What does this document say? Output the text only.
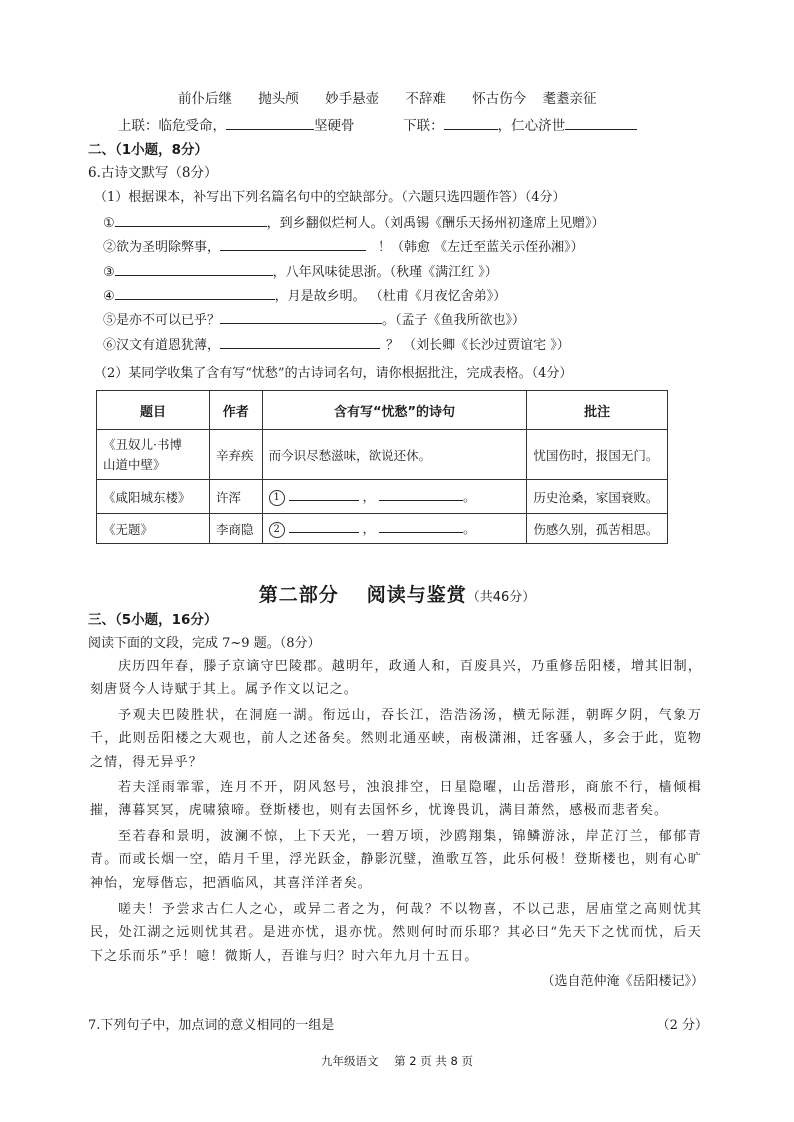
前仆后继 抛头颅 妙手悬壶 不辞难 怀古伤今 耄耋亲征
上联：临危受命，	坚硬骨	下联：	，仁心济世
二、（1小题，8分）
6.古诗文默写（8分）
（1）根据课本，补写出下列名篇名句中的空缺部分。（六题只选四题作答）（4分）
①	，到乡翻似烂柯人。（刘禹锡《酬乐天扬州初逢席上见赠》）
②欲为圣明除弊事，	！（韩愈 《左迁至蓝关示侄孙湘》）
③	，八年风味徒思浙。（秋瑾《满江红 》）
④	，月是故乡明。 （杜甫《月夜忆舍弟》）
⑤是亦不可以已乎？	。（孟子《鱼我所欲也》）
⑥汉文有道恩犹薄，	？ （刘长卿《长沙过贾谊宅 》）
（2）某同学收集了含有写“忧愁”的古诗词名句，请你根据批注，完成表格。（4分）
题目	作者	含有写“忧愁”的诗句	批注
《丑奴儿·书博
山道中壁》	辛弃疾	而今识尽愁滋味，欲说还休。	忧国伤时，报国无门。
《咸阳城东楼》	许浑	1 ， 。	历史沧桑，家国衰败。
《无题》	李商隐	2 ， 。	伤感久别，孤苦相思。
第二部分 阅读与鉴赏（共46分）
三、（5小题，16分）
阅读下面的文段，完成 7~9 题。（8分）
庆历四年春，滕子京谪守巴陵郡。越明年，政通人和，百废具兴，乃重修岳阳楼，增其旧制，刻唐贤今人诗赋于其上。属予作文以记之。
予观夫巴陵胜状，在洞庭一湖。衔远山，吞长江，浩浩汤汤，横无际涯，朝晖夕阴，气象万千，此则岳阳楼之大观也，前人之述备矣。然则北通巫峡，南极潇湘，迁客骚人，多会于此，览物之情，得无异乎？
若夫淫雨霏霏，连月不开，阴风怒号，浊浪排空，日星隐曜，山岳潜形，商旅不行，樯倾楫摧，薄暮冥冥，虎啸猿啼。登斯楼也，则有去国怀乡，忧谗畏讥，满目萧然，感极而悲者矣。
至若春和景明，波澜不惊，上下天光，一碧万顷，沙鸥翔集，锦鳞游泳，岸芷汀兰，郁郁青青。而或长烟一空，皓月千里，浮光跃金，静影沉璧，渔歌互答，此乐何极！登斯楼也，则有心旷神怡，宠辱偕忘，把酒临风，其喜洋洋者矣。
嗟夫！予尝求古仁人之心，或异二者之为，何哉？不以物喜，不以己悲，居庙堂之高则忧其民，处江湖之远则忧其君。是进亦忧，退亦忧。然则何时而乐耶？其必曰“先天下之忧而忧，后天下之乐而乐”乎！噫！微斯人，吾谁与归？时六年九月十五日。
（选自范仲淹《岳阳楼记》）
7.下列句子中，加点词的意义相同的一组是	（2 分）
九年级语文 第 2 页 共 8 页
